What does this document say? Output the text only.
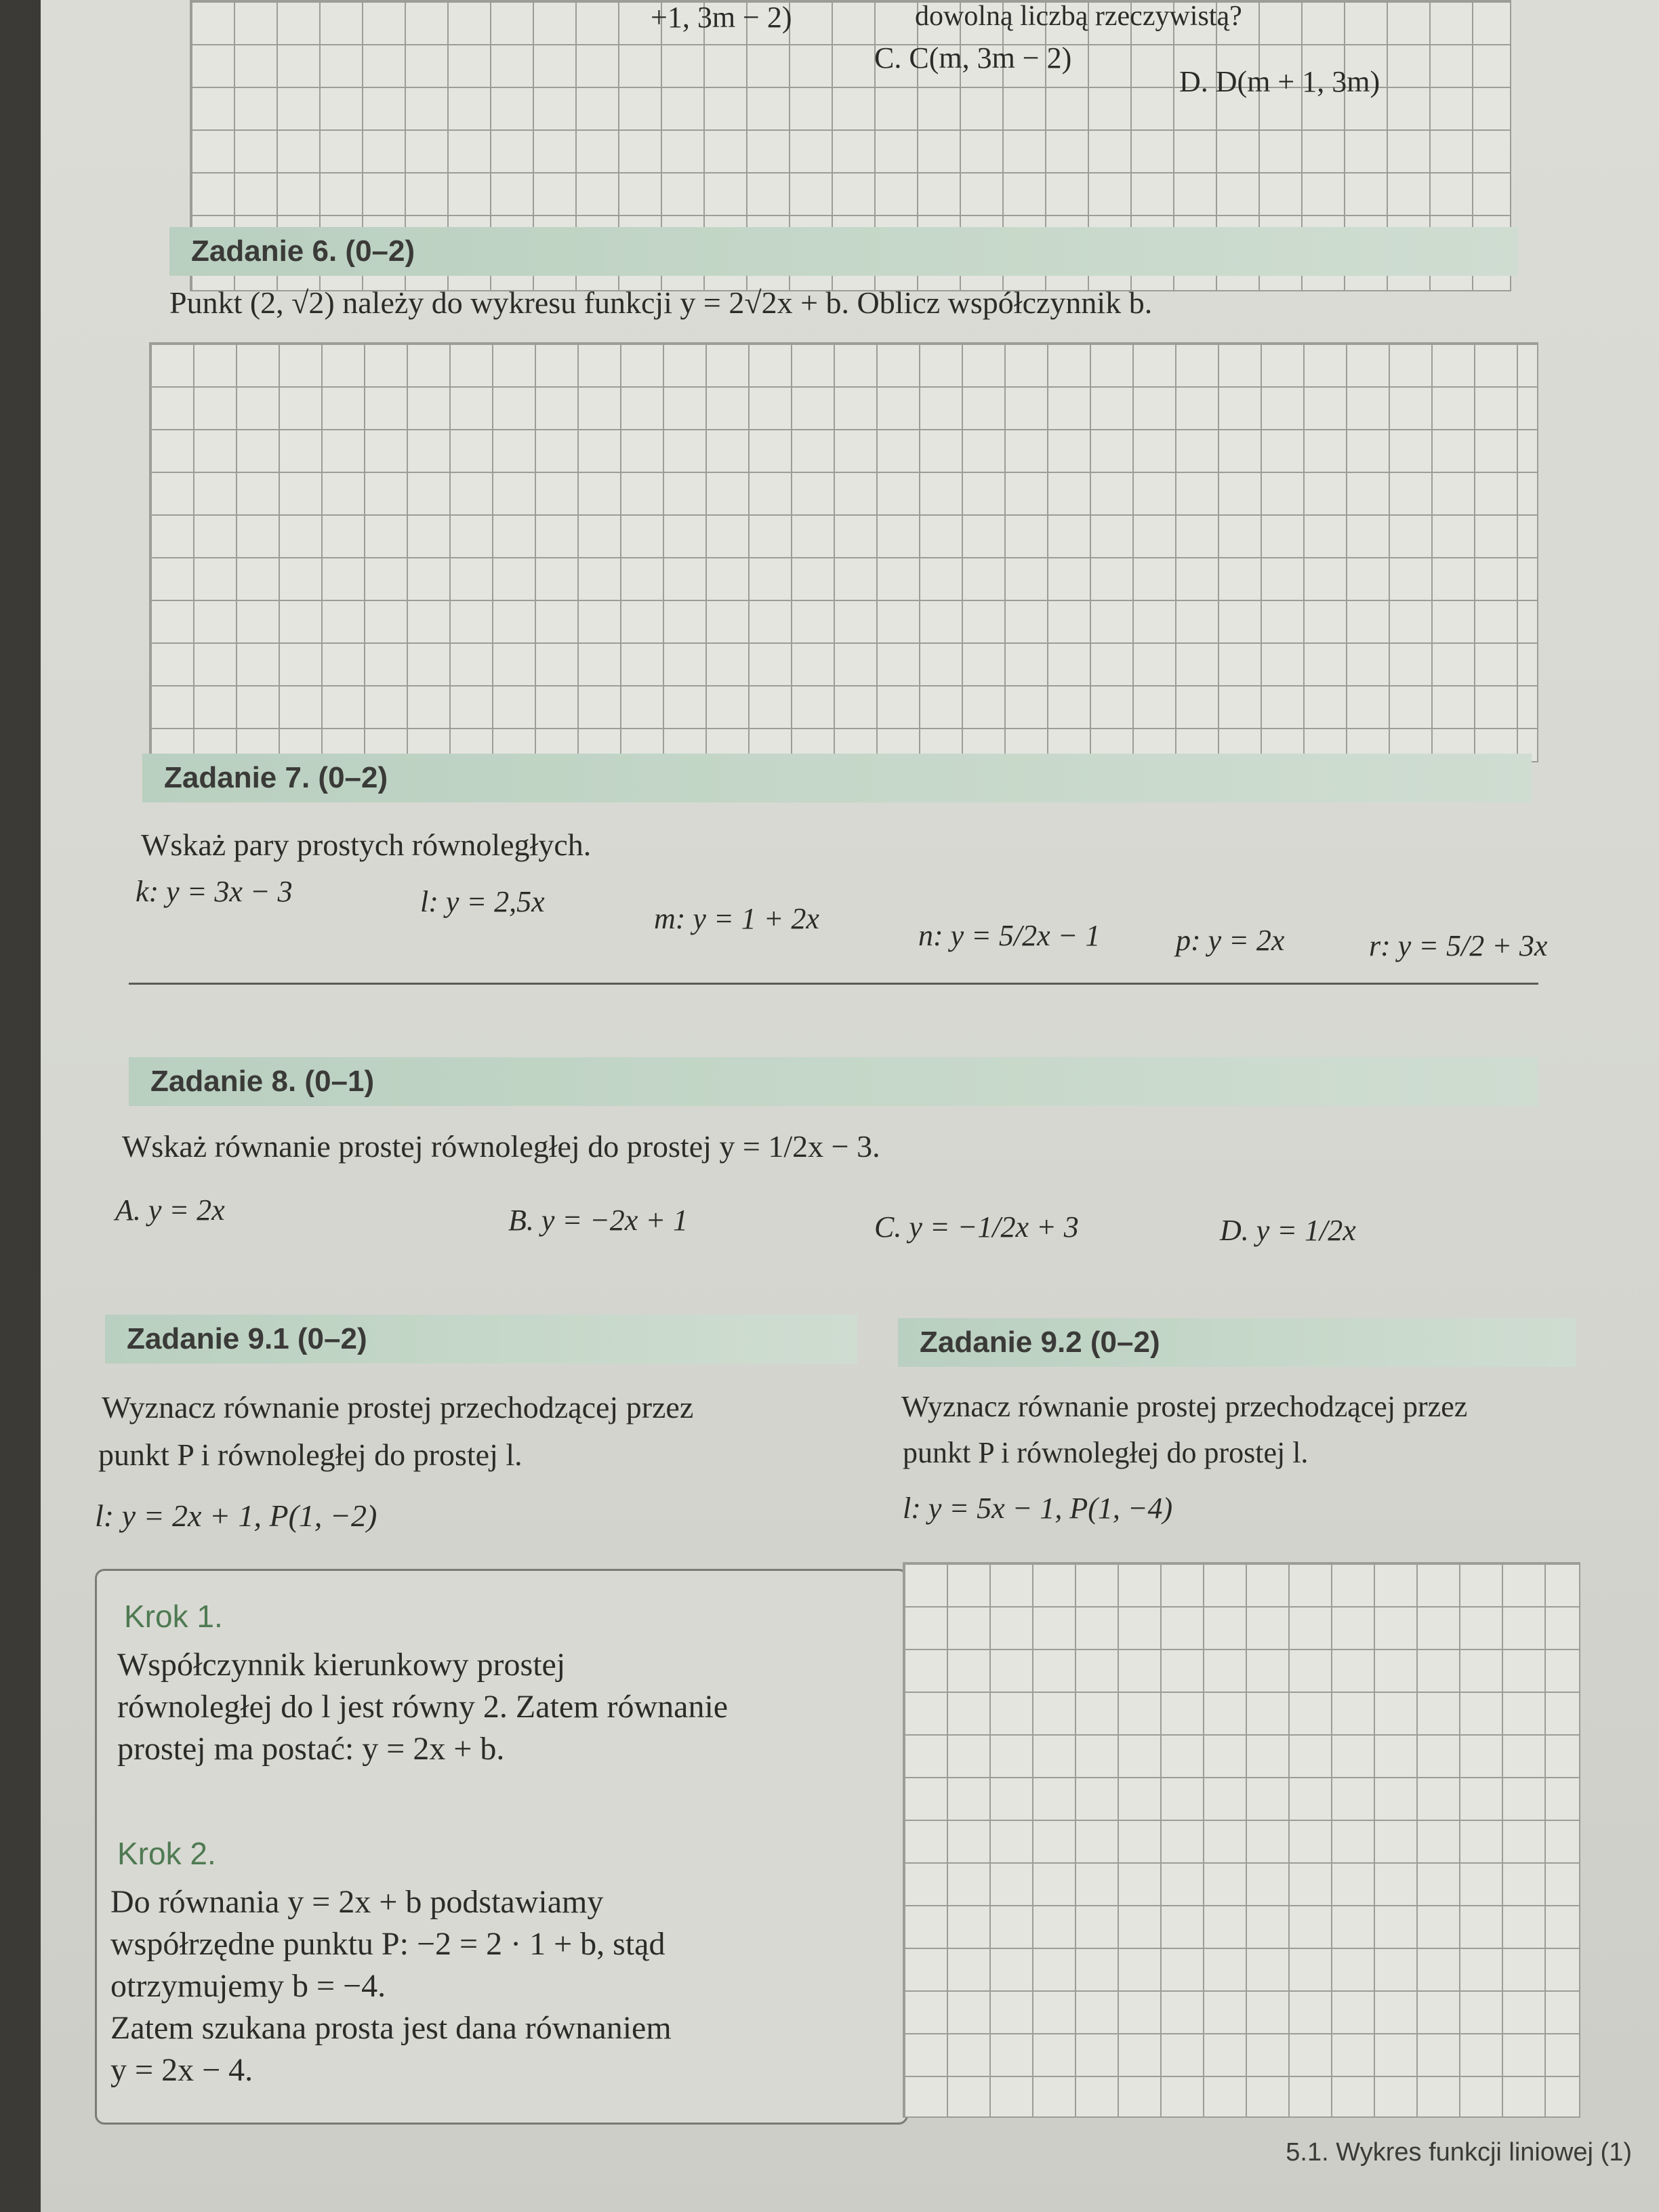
dowolną liczbą rzeczywistą?
+1, 3m − 2)
C. C(m, 3m − 2)
D. D(m + 1, 3m)
Zadanie 6. (0–2)
Punkt (2, √2) należy do wykresu funkcji y = 2√2x + b. Oblicz współczynnik b.
Zadanie 7. (0–2)
Wskaż pary prostych równoległych.
k: y = 3x − 3	l: y = 2,5x
m: y = 1 + 2x
n: y = 5/2x − 1	p: y = 2x	r: y = 5/2 + 3x
Zadanie 8. (0–1)
Wskaż równanie prostej równoległej do prostej y = 1/2x − 3.
A. y = 2x	B. y = −2x + 1	C. y = −1/2x + 3	D. y = 1/2x
Zadanie 9.1 (0–2)
Wyznacz równanie prostej przechodzącej przez
punkt P i równoległej do prostej l.
l: y = 2x + 1, P(1, −2)
Krok 1.
Współczynnik kierunkowy prostej
równoległej do l jest równy 2. Zatem równanie
prostej ma postać: y = 2x + b.
Krok 2.
Do równania y = 2x + b podstawiamy
współrzędne punktu P: −2 = 2 · 1 + b, stąd
otrzymujemy b = −4.
Zatem szukana prosta jest dana równaniem
y = 2x − 4.
Zadanie 9.2 (0–2)
Wyznacz równanie prostej przechodzącej przez
punkt P i równoległej do prostej l.
l: y = 5x − 1, P(1, −4)
5.1. Wykres funkcji liniowej (1)
